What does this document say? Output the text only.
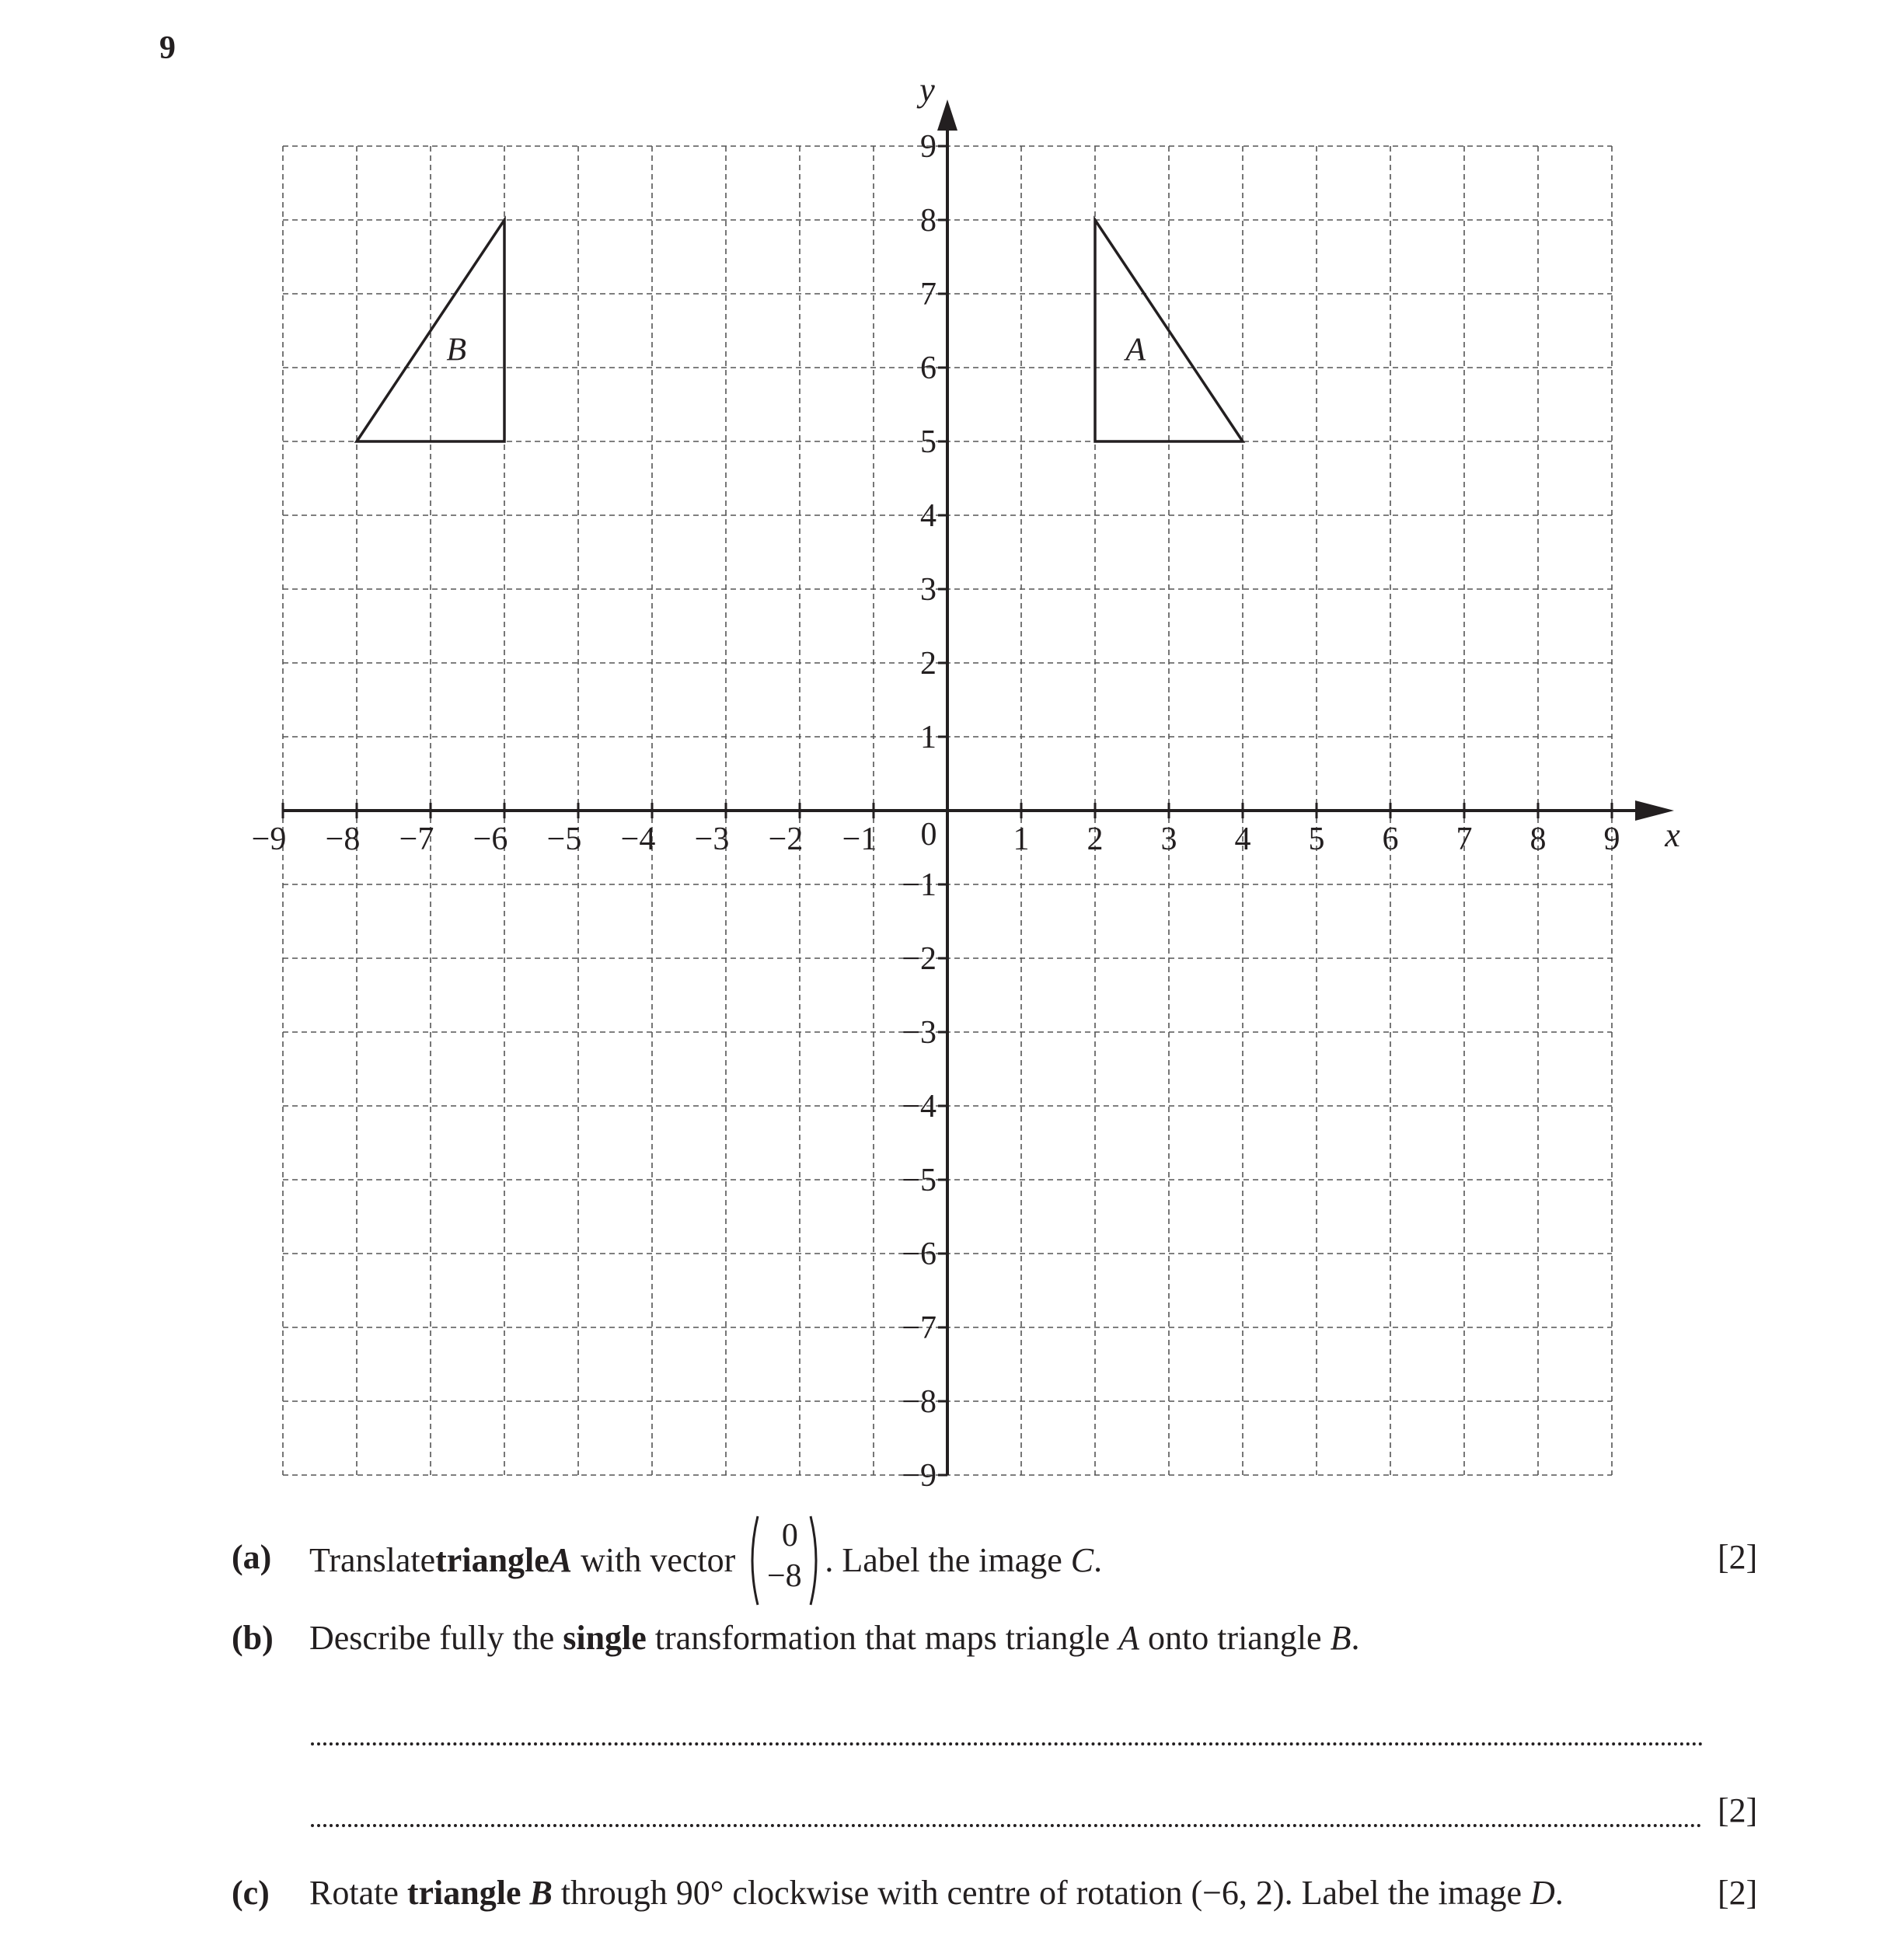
9
−9 −8 −7 −6 −5 −4 −3 −2 −1	1 2 3 4 5 6 7 8 9
9
8
7
6
5
4
3
2
1
−1
−2
−3
−4
−5
−6
−7
−8
−9
0	x
y
A
B
(a) Translate triangle A with vector
0
−8 . Label the image C .	[2]
(b) Describe fully the single transformation that maps triangle A onto triangle B.
[2]
(c) Rotate triangle B through 90° clockwise with centre of rotation (−6, 2). Label the image D.	[2]
